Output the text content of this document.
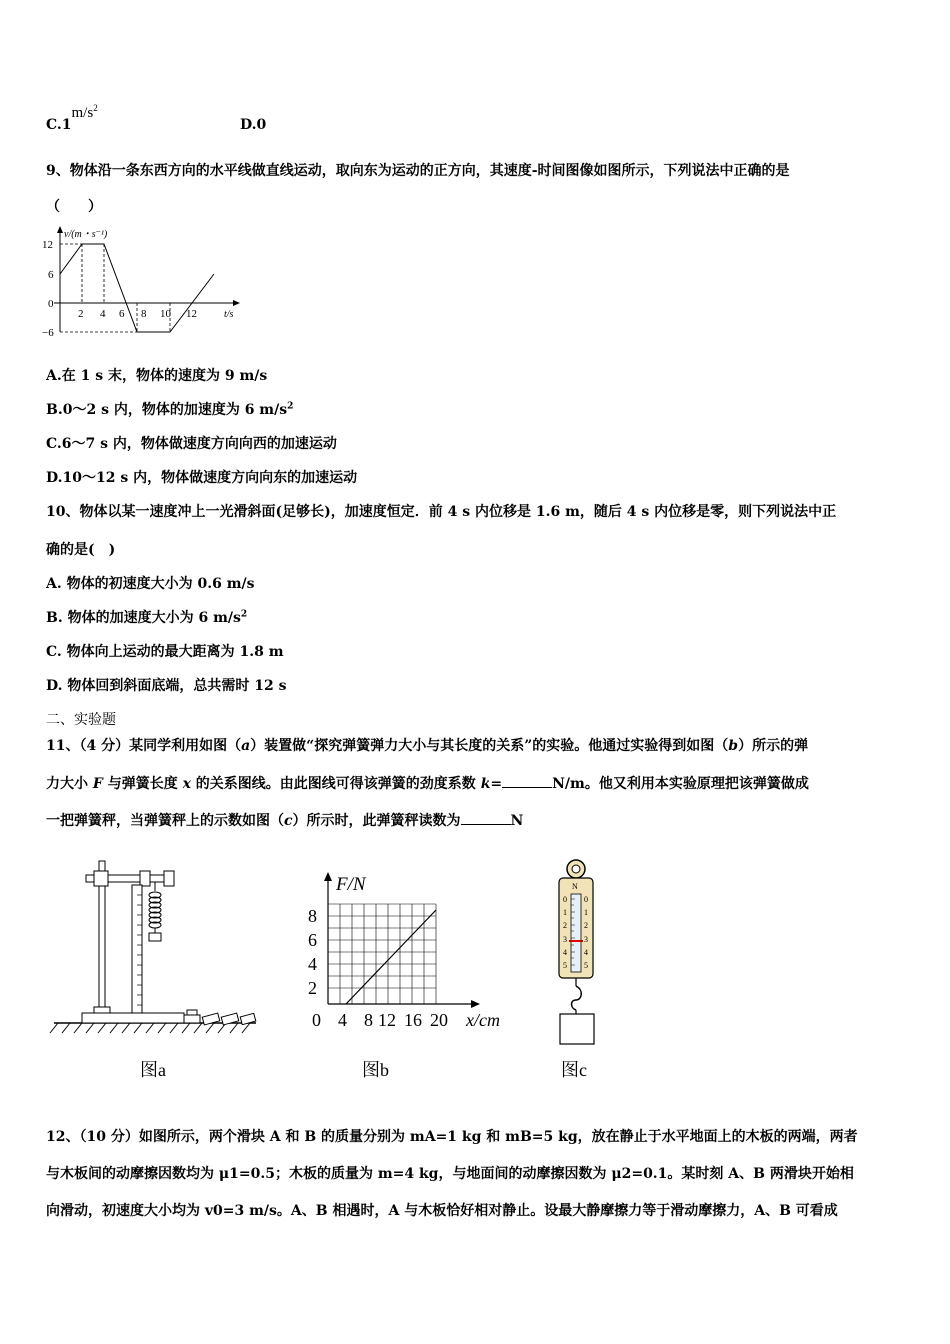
$C.1m/s^2$
D.0
9、物体沿一条东西方向的水平线做直线运动，取向东为运动的正方向，其速度-时间图像如图所示，下列说法中正确的是
（　　）
v/(m・s⁻¹)
12
6
0
−6
2 4 6 8 10 12	t/s
A.在 1 s 末，物体的速度为 9 m/s
B.0～2 s 内，物体的加速度为 6 $m/s^2$
C.6～7 s 内，物体做速度方向向西的加速运动
D.10～12 s 内，物体做速度方向向东的加速运动
10、物体以某一速度冲上一光滑斜面(足够长)，加速度恒定．前 4 s 内位移是 1.6 m，随后 4 s 内位移是零，则下列说法中正
确的是(　)
A. 物体的初速度大小为 0.6 m/s
B. 物体的加速度大小为 6 $m/s^2$
C. 物体向上运动的最大距离为 1.8 m
D. 物体回到斜面底端，总共需时 12 s
二、实验题
11、（4 分）某同学利用如图（a）装置做“探究弹簧弹力大小与其长度的关系”的实验。他通过实验得到如图（b）所示的弹
力大小 F 与弹簧长度 x 的关系图线。由此图线可得该弹簧的劲度系数 k=	N/m。他又利用本实验原理把该弹簧做成
一把弹簧秤，当弹簧秤上的示数如图（c）所示时，此弹簧秤读数为	N
图a
F/N
8
6
4
2
0 4 8 12 16 20 x/cm
图b
N
0
1
2
3
4
5
0
1
2
3
4
5
图c
12、（10 分）如图所示，两个滑块 A 和 B 的质量分别为 mA=1 kg 和 mB=5 kg，放在静止于水平地面上的木板的两端，两者
与木板间的动摩擦因数均为 μ1=0.5；木板的质量为 m=4 kg，与地面间的动摩擦因数为 μ2=0.1。某时刻 A、B 两滑块开始相
向滑动，初速度大小均为 v0=3 m/s。A、B 相遇时，A 与木板恰好相对静止。设最大静摩擦力等于滑动摩擦力，A、B 可看成
